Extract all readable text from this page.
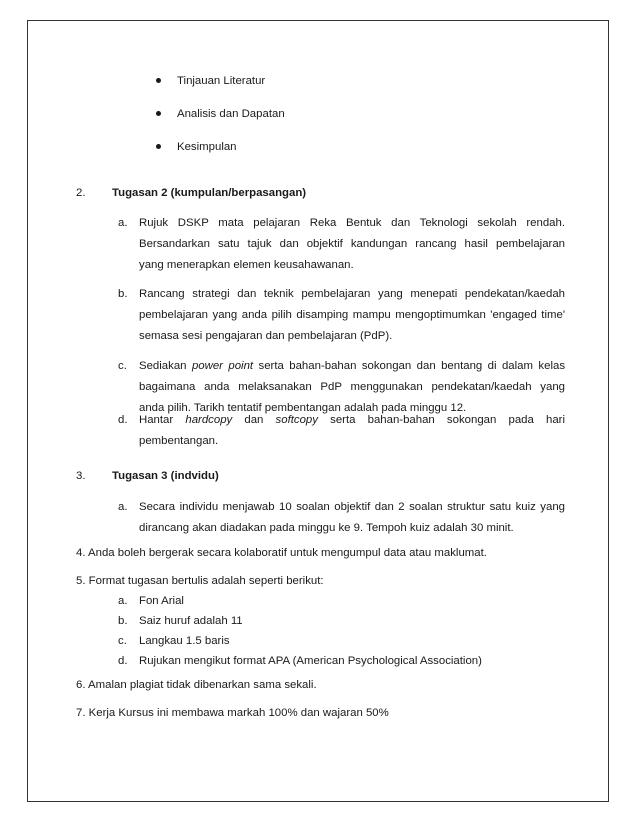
Tinjauan Literatur
Analisis dan Dapatan
Kesimpulan
2. Tugasan 2 (kumpulan/berpasangan)
a. Rujuk DSKP mata pelajaran Reka Bentuk dan Teknologi sekolah rendah.
Bersandarkan satu tajuk dan objektif kandungan rancang hasil pembelajaran
yang menerapkan elemen keusahawanan.
b. Rancang strategi dan teknik pembelajaran yang menepati pendekatan/kaedah
pembelajaran yang anda pilih disamping mampu mengoptimumkan 'engaged time'
semasa sesi pengajaran dan pembelajaran (PdP).
c. Sediakan power point serta bahan-bahan sokongan dan bentang di dalam kelas
bagaimana anda melaksanakan PdP menggunakan pendekatan/kaedah yang
anda pilih. Tarikh tentatif pembentangan adalah pada minggu 12.
d. Hantar hardcopy dan softcopy serta bahan-bahan sokongan pada hari
pembentangan.
3. Tugasan 3 (indvidu)
a. Secara individu menjawab 10 soalan objektif dan 2 soalan struktur satu kuiz yang
dirancang akan diadakan pada minggu ke 9. Tempoh kuiz adalah 30 minit.
4. Anda boleh bergerak secara kolaboratif untuk mengumpul data atau maklumat.
5. Format tugasan bertulis adalah seperti berikut:
a. Fon Arial
b. Saiz huruf adalah 11
c. Langkau 1.5 baris
d. Rujukan mengikut format APA (American Psychological Association)
6. Amalan plagiat tidak dibenarkan sama sekali.
7. Kerja Kursus ini membawa markah 100% dan wajaran 50%
